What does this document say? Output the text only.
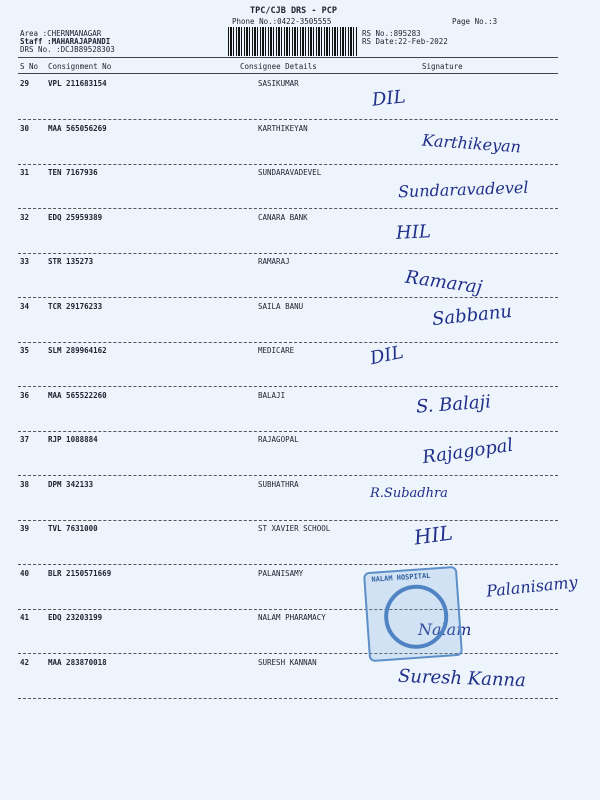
TPC/CJB DRS - PCP
Phone No.:0422-3505555	Page No.:3
Area :CHERNMANAGAR
Staff :MAHARAJAPANDI
DRS No. :DCJB89528303
RS No.:895283
RS Date:22-Feb-2022
S No Consignment No	Consignee Details	Signature
29	VPL 211683154	SASIKUMAR
DIL
30	MAA 565056269	KARTHIKEYAN
Karthikeyan
31	TEN 7167936	SUNDARAVADEVEL
Sundaravadevel
32	EDQ 25959389	CANARA BANK
HIL
33	STR 135273	RAMARAJ
Ramaraj
34	TCR 29176233	SAILA BANU	Sabbanu
35	SLM 289964162	MEDICARE	DIL
36	MAA 565522260	BALAJI	S. Balaji
37	RJP 1088884	RAJAGOPAL	Rajagopal
38	DPM 342133	SUBHATHRA
R.Subadhra
39	TVL 7631000	ST XAVIER SCHOOL	HIL
40	BLR 2150571669	PALANISAMY	Palanisamy
41	EDQ 23203199	NALAM PHARAMACY
Nalam
42	MAA 283870018	SURESH KANNAN
Suresh Kanna
NALAM HOSPITAL
